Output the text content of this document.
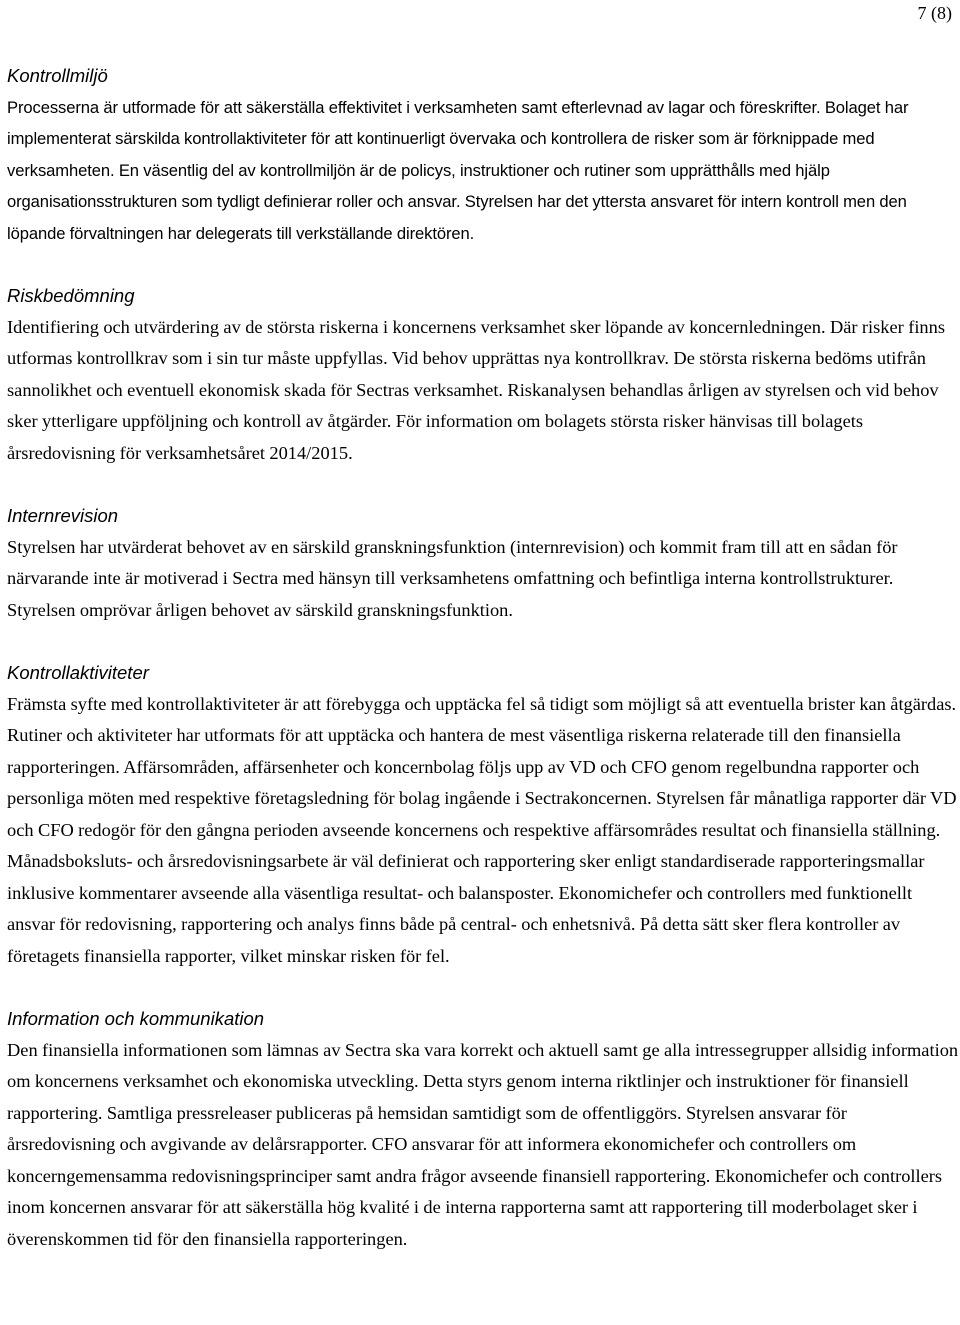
7 (8)
Kontrollmiljö

Processerna är utformade för att säkerställa effektivitet i verksamheten samt efterlevnad av lagar och föreskrifter. Bolaget har implementerat särskilda kontrollaktiviteter för att kontinuerligt övervaka och kontrollera de risker som är förknippade med verksamheten. En väsentlig del av kontrollmiljön är de policys, instruktioner och rutiner som upprätthålls med hjälp organisationsstrukturen som tydligt definierar roller och ansvar. Styrelsen har det yttersta ansvaret för intern kontroll men den löpande förvaltningen har delegerats till verkställande direktören.

Riskbedömning

Identifiering och utvärdering av de största riskerna i koncernens verksamhet sker löpande av koncernledningen. Där risker finns utformas kontrollkrav som i sin tur måste uppfyllas. Vid behov upprättas nya kontrollkrav. De största riskerna bedöms utifrån sannolikhet och eventuell ekonomisk skada för Sectras verksamhet. Riskanalysen behandlas årligen av styrelsen och vid behov sker ytterligare uppföljning och kontroll av åtgärder. För information om bolagets största risker hänvisas till bolagets årsredovisning för verksamhetsåret 2014/2015.

Internrevision

Styrelsen har utvärderat behovet av en särskild granskningsfunktion (internrevision) och kommit fram till att en sådan för närvarande inte är motiverad i Sectra med hänsyn till verksamhetens omfattning och befintliga interna kontrollstrukturer. Styrelsen omprövar årligen behovet av särskild granskningsfunktion.

Kontrollaktiviteter

Främsta syfte med kontrollaktiviteter är att förebygga och upptäcka fel så tidigt som möjligt så att eventuella brister kan åtgärdas. Rutiner och aktiviteter har utformats för att upptäcka och hantera de mest väsentliga riskerna relaterade till den finansiella rapporteringen. Affärsområden, affärsenheter och koncernbolag följs upp av VD och CFO genom regelbundna rapporter och personliga möten med respektive företagsledning för bolag ingående i Sectrakoncernen. Styrelsen får månatliga rapporter där VD och CFO redogör för den gångna perioden avseende koncernens och respektive affärsområdes resultat och finansiella ställning. Månadsboksluts- och årsredovisningsarbete är väl definierat och rapportering sker enligt standardiserade rapporteringsmallar inklusive kommentarer avseende alla väsentliga resultat- och balansposter. Ekonomichefer och controllers med funktionellt ansvar för redovisning, rapportering och analys finns både på central- och enhetsnivå. På detta sätt sker flera kontroller av företagets finansiella rapporter, vilket minskar risken för fel.

Information och kommunikation

Den finansiella informationen som lämnas av Sectra ska vara korrekt och aktuell samt ge alla intressegrupper allsidig information om koncernens verksamhet och ekonomiska utveckling. Detta styrs genom interna riktlinjer och instruktioner för finansiell rapportering. Samtliga pressreleaser publiceras på hemsidan samtidigt som de offentliggörs. Styrelsen ansvarar för årsredovisning och avgivande av delårsrapporter. CFO ansvarar för att informera ekonomichefer och controllers om koncerngemensamma redovisningsprinciper samt andra frågor avseende finansiell rapportering. Ekonomichefer och controllers inom koncernen ansvarar för att säkerställa hög kvalité i de interna rapporterna samt att rapportering till moderbolaget sker i överenskommen tid för den finansiella rapporteringen.
